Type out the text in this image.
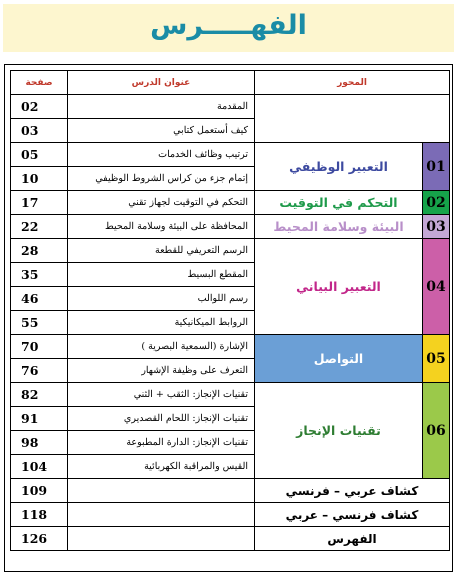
الفهـــــرس
صفحة	عنوان الدرس	المحور	
02	المقدمة		
03	كيف أستعمل كتابي		
05	ترتيب وظائف الخدمات	التعبير الوظيفي	01
10	إتمام جزء من كراس الشروط الوظيفي		
17	التحكم في التوقيت لجهاز تقني	التحكم في التوقيت	02
22	المحافظة على البيئة وسلامة المحيط	البيئة وسلامة المحيط	03
28	الرسم التعريفي للقطعة	التعبير البياني	04
35	المقطع البسيط		
46	رسم اللوالب		
55	الروابط الميكانيكية		
70	الإشارة (السمعية البصرية )	التواصل	05
76	التعرف على وظيفة الإشهار		
82	تقنيات الإنجاز: الثقب + الثني	تقنيات الإنجاز	06
91	تقنيات الإنجاز: اللحام القصديري		
98	تقنيات الإنجاز: الدارة المطبوعة		
104	القيس والمراقبة الكهربائية		
109		كشاف عربي – فرنسي	
118		كشاف فرنسي – عربي	
126		الفهرس	
